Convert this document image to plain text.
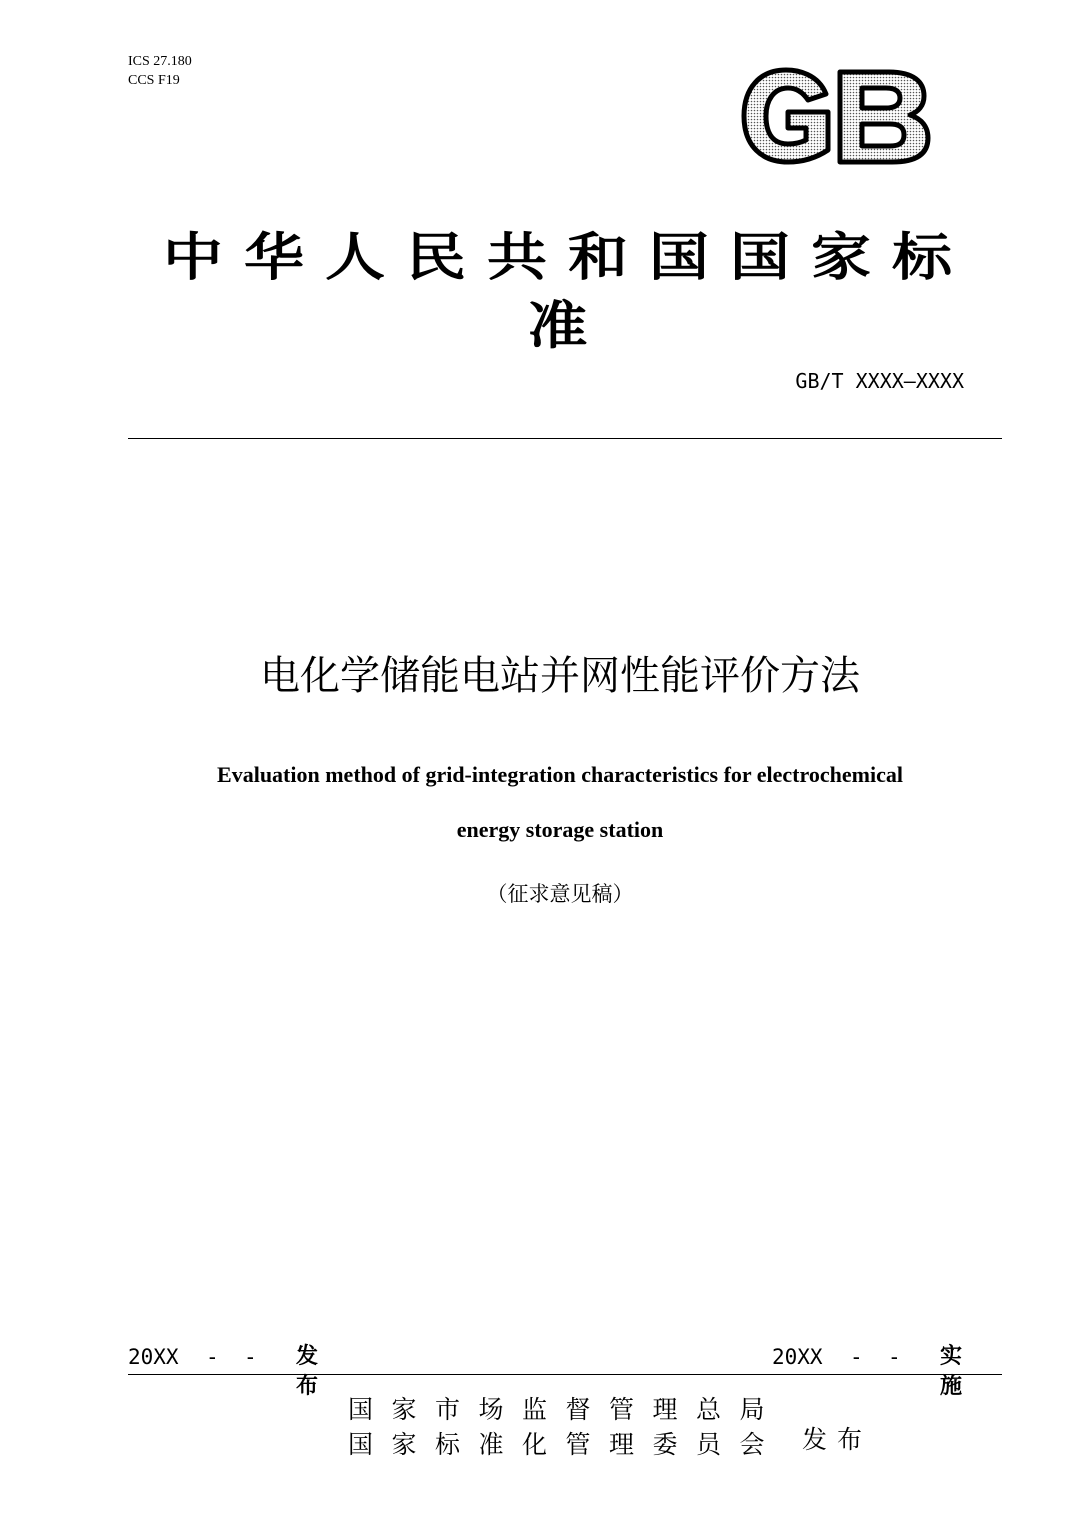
ICS 27.180
CCS F19
中华人民共和国国家标准
GB/T XXXX—XXXX
电化学储能电站并网性能评价方法
Evaluation method of grid-integration characteristics for electrochemical
energy storage station
（征求意见稿）
20XX - - 发布
20XX - - 实施
国家市场监督管理总局
国家标准化管理委员会 发布
